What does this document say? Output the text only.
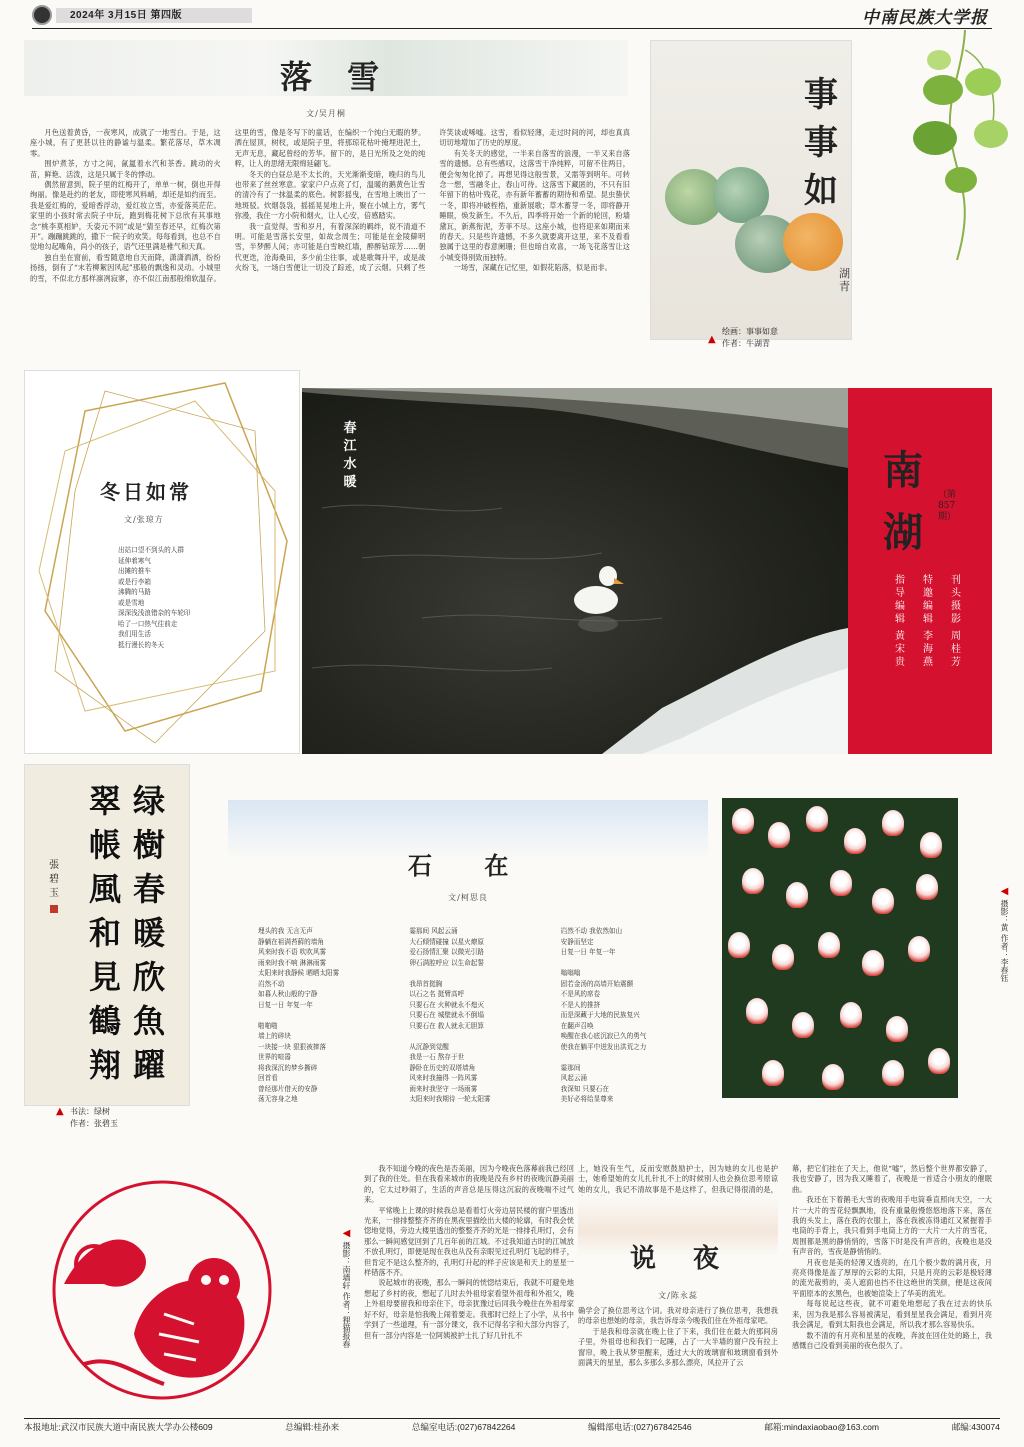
2024年 3月15日 第四版	中南民族大学报
落 雪
文/吴月桐

月色送着黄昏，一夜寒风，成就了一地雪白。于是，这座小城，有了更甚以往的静谧与温柔。繁花落尽，草木凋零。

围炉煮茶，方寸之间，氤氲着水汽和茶香。跳动的火苗，鲜艳、活泼，这是只属于冬的悸动。

偶然留意到，院子里的红梅开了，单单一树，倒也开得绚丽。像是赴约的老友，即使寒风料峭，却还是如约而至。我是爱红梅的，爱暗香浮动，爱红妆立雪，亦爱落英茫茫。家里的小孩时常去院子中玩，跑到梅花树下总欣有其事地念“桃李莫相妒，夭姿元不同”或是“猜至春还早，红梅次第开”。蹦蹦跳跳的，撒下一院子的欢笑。每每看到，也总不自觉地勾起嘴角，尚小的孩子，语气还里满是稚气和天真。

独自坐在窗前，看雪随意地自天而降，潇潇洒洒，纷纷扬扬，倒有了“末若柳絮因风起”那般的飘逸和灵动。小城里的雪，不似北方那样凛冽寂寥，亦不似江南那般绵软温存。这里的雪，像是冬写下的童话，在编织一个纯白无暇的梦。洒在屋顶，树杈，或是院子里，将那琼花枯叶掩埋进泥土，无声无息，藏起曾经的芳华。留下的，是日光所及之处的纯粹，让人的思绪无限绵延翩飞。

冬天的白昼总是不太长的，天光渐渐变暗，晚归的鸟儿也带来了丝丝寒意。家家户户点亮了灯，温暖的鹅黄色让雪的清冷有了一抹温柔的底色。树影摇曳，在雪地上映出了一地斑驳。炊烟袅袅，摇摇晃晃地上升，聚在小城上方，雾气弥漫，我住一方小院和烟火，让人心安，倍感踏实。

我一直觉得，雪和岁月，有着深深的羁绊，说不清道不明。可能是雪落长安里，如故念周生；可能是在金陵僻明雪，半梦醉人间；亦可能是白雪映红墙，醉醉钻琼芳……朝代更迭，沧海桑田，多少前尘往事，或是歌舞升平，或是战火纷飞，一场白雪便让一切没了踪迹，成了云烟。只剩了些许笑谈或唏嘘。这雪，看似轻薄，走过时间的河，却也真真切切地增加了历史的厚度。

有关冬天的感觉，一半来自落雪的浪漫，一半又来自落雪的遗憾。总有些感叹，这落雪干净纯粹，可留不住两日，便会匆匆化掉了。再想见得这般雪景，又需等到明年。可转念一想，雪融冬止，春山可待。这落雪下藏匿的，不只有旧年留下的枯叶残花，亦有新年蓄蓄的期待和希望。昆虫蛰伏一冬，即将冲破桎梏，重新展歌；草木蓄芽一冬，即将静开睡眼，焕发新生。不久后，四季将开始一个新的轮回，粉墙黛瓦，新燕衔泥，芳菲不尽。这座小城，也将迎来如期而来的春天。只是些许遗憾，不多久就要离开这里，来不及看看独属于这里的春意阑珊；但也暗自欢喜，一场飞花落雪让这小城变得别致而独特。

一场雪，深藏在记忆里，如假花陷落，似是而非。

事事如
湖青
▲
绘画：事事如意
作者：牛湖青
冬日如常
文/张琼方
出站口望不到头的人群
延伸着寒气
出摊的推车
或是行李箱
沸腾的马路
或是雪地
深深浅浅浪错杂的车轮印
哈了一口热气往前走
我们用生活
抵行漫长的冬天
春江水暖	南湖
（第857期）
刊头摄影
周桂芳
特邀编辑
李海燕
指导编辑
黄宋贵
绿樹春暖欣魚躍
翠帳風和見鶴翔
張碧玉
▲ 书法：绿树
作者：张碧玉
石 在
文/柯思良
埋头的我 无言无声
静躺在祖满苔藓的墙角
风来时我不语 吹吹风雾
雨来时我不响 淋淋雨雾
太阳来时我静候 晒晒太阳雾
岿然不动
如暮人秋山般的宁静
日复一日 年复一年
啪啪啪
墙上的碎块
一块接一块 狠狠被摔落
世界的喧嚣
将我深沉的梦乡撕碎
回首看
曾经那片借天的安静
荡无容身之地
霎那间 风起云涌
大石倾情碰撞 以星火燎原
爱石扬情汇聚 以微光引路
卵石满腔呼应 以生命起誓
我昂首挺胸
以石之名 挺臂高呼
只要石在 火种就永不熄灭
只要石在 城壁就永不倒塌
只要石在 救人就永无胆算
从沉静到觉醒
我是一石 熬存于世
静卧在历史的双塔墙角
风来时我撞得 一阵风雾
雨来时我坚守 一场雨雾
太阳来时我期待 一轮太阳雾
岿然不动 我依然如山
安静而坚定
日复一日 年复一年
嗡嗡嗡
固若金汤的高墙开始震颤
不是风的席卷
不是人的推挤
而是深藏于大地的民族复兴
在翻声召唤
唤醒在我心底沉寂已久的勇气
使我在躺平中迸发出洪荒之力
霎那间
风起云涌
我深知 只要石在
美好必将给显尊来
◀ 摄影：黄 作者：李春钰
◀ 摄影：南墙轩 作者：狸猫报春

我不知道今晚的夜色是否美丽，因为今晚夜色落幕前我已经回到了我的住处。但在我看来城市的夜晚是没有乡村的夜晚沉静美丽的，它太过吵闹了，生活的声音总是压得这沉寂的夜晚喘不过气来。

平常晚上上课的时候我总是看着灯火旁边居民楼的窗户里透出光来，一排排整整齐齐的在黑夜里描绘出大楼的轮廓，有时我会恍惚地觉得，旁边大楼里透出的整整齐齐的光是一排排孔明灯，会有那么一瞬间感觉回到了几百年前的江城。不过我知道古时的江城放不放孔明灯，即便是现在我也从没有亲眼见过孔明灯飞起的样子，但肯定不是这么整齐的，孔明灯升起的样子应该是和天上的星星一样错落不齐。

说起城市的夜晚，那么一瞬间的恍惚结束后，我就不可避免地想起了乡村的夜，想起了儿时去外祖母家看望外祖母和外祖父，晚上外祖母要留我和母亲住下，母亲犹豫过后同我今晚住在外祖母家好不好，母亲是怕我晚上闹着要走。我那时已经上了小学，从书中学到了一些道理，有一部分课文，我不记得名字和大部分内容了，但有一部分内容是一位阿姨被护士扎了好几针扎不

上，她没有生气，反而安慰鼓励护士，因为她的女儿也是护士，她希望她的女儿扎针扎不上的时候别人也会换位思考原谅她的女儿，我记不清故事是不是这样了，但我记得很清的是，

说 夜
文/陈永蕊

确学会了换位思考这个词。我对母亲进行了换位思考，我想我的母亲也想她的母亲，我告诉母亲今晚我们住在外祖母家吧。

于是我和母亲就在晚上住了下来，我们住在最大的那间房子里，外祖母也和我们一起睡，占了一大半墙的窗户没有拉上窗帘，晚上我从梦里醒来，透过大大的玻璃窗和玻璃窗看到外面满天的星星，那么多那么多那么漂亮，风拉开了云

幕，把它们挂在了天上，他说“嘘”，然后整个世界都安静了，我也安静了，因为我又睡着了，夜晚是一首适合小朋友的催眠曲。

我还在下着鹅毛大雪的夜晚用手电筒垂直照向天空，一大片一大片的雪花轻飘飘地，没有重量般慢悠悠地落下来，落在我的头发上，落在我的衣服上，落在我被冻得通红又紧握着手电筒的手背上，我只看到手电筒上方的一大片一大片的雪花，周围都是黑的静悄悄的，雪落下时是没有声音的，夜晚也是没有声音的，雪夜是静悄悄的。

月夜也是美的轻薄又透亮的，在几个极少数的满月夜，月亮亮得像是盖了厚厚的云彩的太阳，只是月亮的云彩是极轻薄的流光裁剪的，美人遮面也挡不住这绝世的笑颜，便是这夜间平面原本的玄黑色，也被她渲染上了华美的流光。

每每说起这些夜，就不可避免地想起了我在过去的快乐来，因为我是那么容易被满足，看到星星我会满足，看到月亮我会满足，看到太阳我也会满足，所以我才那么容易快乐。

数不清的有月亮和星星的夜晚，奔波在回住处的路上，我感慨自己没看到美丽的夜色很久了。

本报地址:武汉市民族大道中南民族大学办公楼609	总编辑:桂孙来	总编室电话:(027)67842264	编辑部电话:(027)67842546	邮箱:mindaxiaobao@163.com	邮编:430074
